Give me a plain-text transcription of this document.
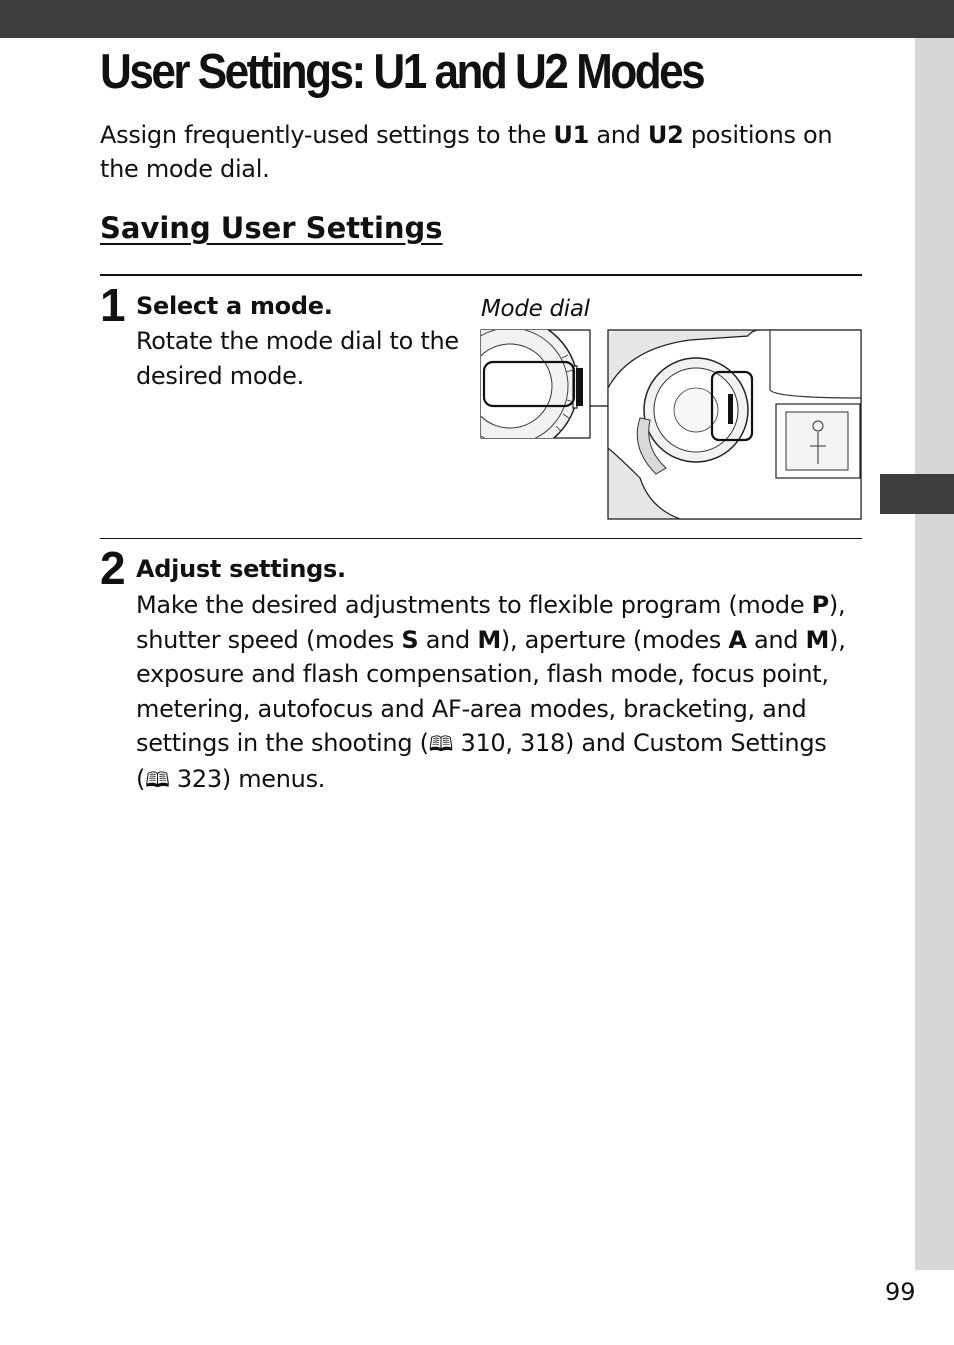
User Settings: U1 and U2 Modes

Assign frequently-used settings to the U1 and U2 positions on the mode dial.

Saving User Settings
1 Select a mode.

Rotate the mode dial to the desired mode.

Mode dial
2 Adjust settings.

Make the desired adjustments to flexible program (mode P), shutter speed (modes S and M), aperture (modes A and M), exposure and flash compensation, flash mode, focus point, metering, autofocus and AF-area modes, bracketing, and settings in the shooting (🕮 310, 318) and Custom Settings (🕮 323) menus.

99
